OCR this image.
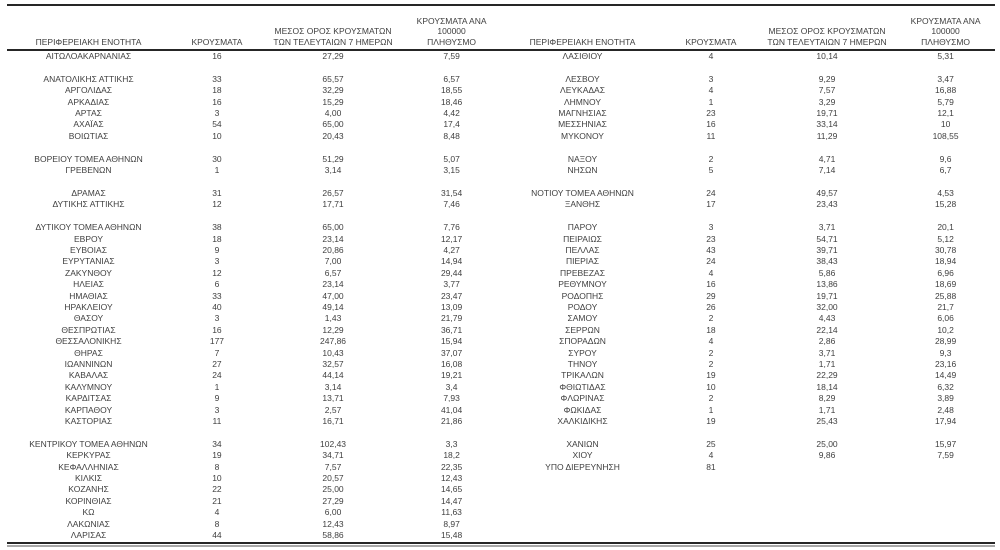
ΠΕΡΙΦΕΡΕΙΑΚΗ ΕΝΟΤΗΤΑ	ΚΡΟΥΣΜΑΤΑ
ΜΕΣΟΣ ΟΡΟΣ ΚΡΟΥΣΜΑΤΩΝ
ΤΩΝ ΤΕΛΕΥΤΑΙΩΝ 7 ΗΜΕΡΩΝ
ΚΡΟΥΣΜΑΤΑ ΑΝΑ 100000
ΠΛΗΘΥΣΜΟ	ΠΕΡΙΦΕΡΕΙΑΚΗ ΕΝΟΤΗΤΑ	ΚΡΟΥΣΜΑΤΑ
ΜΕΣΟΣ ΟΡΟΣ ΚΡΟΥΣΜΑΤΩΝ
ΤΩΝ ΤΕΛΕΥΤΑΙΩΝ 7 ΗΜΕΡΩΝ
ΚΡΟΥΣΜΑΤΑ ΑΝΑ 100000
ΠΛΗΘΥΣΜΟ
ΑΙΤΩΛΟΑΚΑΡΝΑΝΙΑΣ	16	27,29	7,59
ΑΝΑΤΟΛΙΚΗΣ ΑΤΤΙΚΗΣ	33	65,57	6,57
ΑΡΓΟΛΙΔΑΣ	18	32,29	18,55
ΑΡΚΑΔΙΑΣ	16	15,29	18,46
ΑΡΤΑΣ	3	4,00	4,42
ΑΧΑΪΑΣ	54	65,00	17,4
ΒΟΙΩΤΙΑΣ	10	20,43	8,48
ΒΟΡΕΙΟΥ ΤΟΜΕΑ ΑΘΗΝΩΝ	30	51,29	5,07
ΓΡΕΒΕΝΩΝ	1	3,14	3,15
ΔΡΑΜΑΣ	31	26,57	31,54
ΔΥΤΙΚΗΣ ΑΤΤΙΚΗΣ	12	17,71	7,46
ΔΥΤΙΚΟΥ ΤΟΜΕΑ ΑΘΗΝΩΝ	38	65,00	7,76
ΕΒΡΟΥ	18	23,14	12,17
ΕΥΒΟΙΑΣ	9	20,86	4,27
ΕΥΡΥΤΑΝΙΑΣ	3	7,00	14,94
ΖΑΚΥΝΘΟΥ	12	6,57	29,44
ΗΛΕΙΑΣ	6	23,14	3,77
ΗΜΑΘΙΑΣ	33	47,00	23,47
ΗΡΑΚΛΕΙΟΥ	40	49,14	13,09
ΘΑΣΟΥ	3	1,43	21,79
ΘΕΣΠΡΩΤΙΑΣ	16	12,29	36,71
ΘΕΣΣΑΛΟΝΙΚΗΣ	177	247,86	15,94
ΘΗΡΑΣ	7	10,43	37,07
ΙΩΑΝΝΙΝΩΝ	27	32,57	16,08
ΚΑΒΑΛΑΣ	24	44,14	19,21
ΚΑΛΥΜΝΟΥ	1	3,14	3,4
ΚΑΡΔΙΤΣΑΣ	9	13,71	7,93
ΚΑΡΠΑΘΟΥ	3	2,57	41,04
ΚΑΣΤΟΡΙΑΣ	11	16,71	21,86
ΚΕΝΤΡΙΚΟΥ ΤΟΜΕΑ ΑΘΗΝΩΝ	34	102,43	3,3
ΚΕΡΚΥΡΑΣ	19	34,71	18,2
ΚΕΦΑΛΛΗΝΙΑΣ	8	7,57	22,35
ΚΙΛΚΙΣ	10	20,57	12,43
ΚΟΖΑΝΗΣ	22	25,00	14,65
ΚΟΡΙΝΘΙΑΣ	21	27,29	14,47
ΚΩ	4	6,00	11,63
ΛΑΚΩΝΙΑΣ	8	12,43	8,97
ΛΑΡΙΣΑΣ	44	58,86	15,48
ΛΑΣΙΘΙΟΥ	4	10,14	5,31
ΛΕΣΒΟΥ	3	9,29	3,47
ΛΕΥΚΑΔΑΣ	4	7,57	16,88
ΛΗΜΝΟΥ	1	3,29	5,79
ΜΑΓΝΗΣΙΑΣ	23	19,71	12,1
ΜΕΣΣΗΝΙΑΣ	16	33,14	10
ΜΥΚΟΝΟΥ	11	11,29	108,55
ΝΑΞΟΥ	2	4,71	9,6
ΝΗΣΩΝ	5	7,14	6,7
ΝΟΤΙΟΥ ΤΟΜΕΑ ΑΘΗΝΩΝ	24	49,57	4,53
ΞΑΝΘΗΣ	17	23,43	15,28
ΠΑΡΟΥ	3	3,71	20,1
ΠΕΙΡΑΙΩΣ	23	54,71	5,12
ΠΕΛΛΑΣ	43	39,71	30,78
ΠΙΕΡΙΑΣ	24	38,43	18,94
ΠΡΕΒΕΖΑΣ	4	5,86	6,96
ΡΕΘΥΜΝΟΥ	16	13,86	18,69
ΡΟΔΟΠΗΣ	29	19,71	25,88
ΡΟΔΟΥ	26	32,00	21,7
ΣΑΜΟΥ	2	4,43	6,06
ΣΕΡΡΩΝ	18	22,14	10,2
ΣΠΟΡΑΔΩΝ	4	2,86	28,99
ΣΥΡΟΥ	2	3,71	9,3
ΤΗΝΟΥ	2	1,71	23,16
ΤΡΙΚΑΛΩΝ	19	22,29	14,49
ΦΘΙΩΤΙΔΑΣ	10	18,14	6,32
ΦΛΩΡΙΝΑΣ	2	8,29	3,89
ΦΩΚΙΔΑΣ	1	1,71	2,48
ΧΑΛΚΙΔΙΚΗΣ	19	25,43	17,94
ΧΑΝΙΩΝ	25	25,00	15,97
ΧΙΟΥ	4	9,86	7,59
ΥΠΟ ΔΙΕΡΕΥΝΗΣΗ	81
